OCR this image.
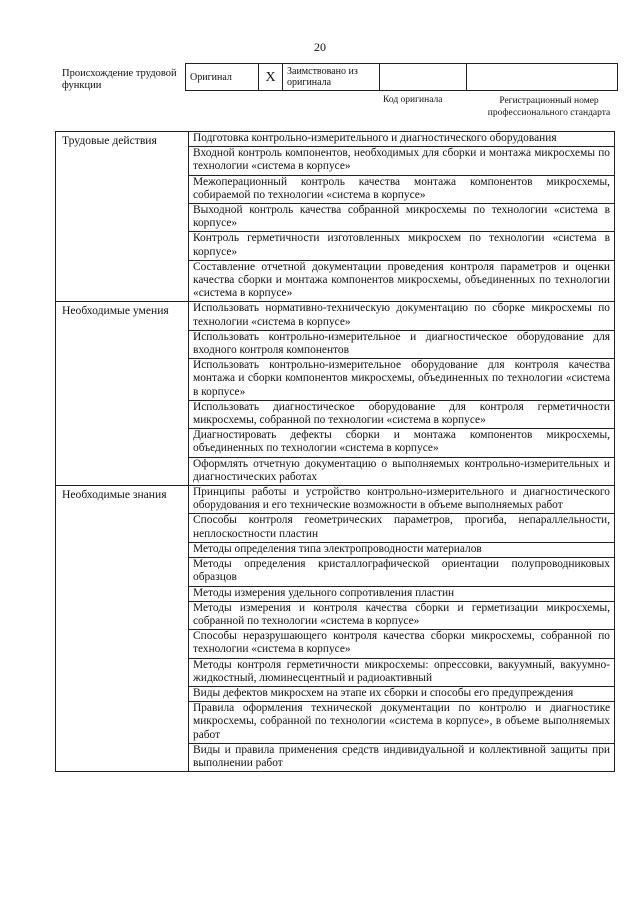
20
Происхождение трудовой функции
Оригинал	X	Заимствовано из оригинала		
Код оригинала	Регистрационный номер профессионального стандарта
Трудовые действия	Подготовка контрольно-измерительного и диагностического оборудования
	Входной контроль компонентов, необходимых для сборки и монтажа микросхемы по технологии «система в корпусе»
	Межоперационный контроль качества монтажа компонентов микросхемы, собираемой по технологии «система в корпусе»
	Выходной контроль качества собранной микросхемы по технологии «система в корпусе»
	Контроль герметичности изготовленных микросхем по технологии «система в корпусе»
	Составление отчетной документации проведения контроля параметров и оценки качества сборки и монтажа компонентов микросхемы, объединенных по технологии «система в корпусе»
Необходимые умения	Использовать нормативно-техническую документацию по сборке микросхемы по технологии «система в корпусе»
	Использовать контрольно-измерительное и диагностическое оборудование для входного контроля компонентов
	Использовать контрольно-измерительное оборудование для контроля качества монтажа и сборки компонентов микросхемы, объединенных по технологии «система в корпусе»
	Использовать диагностическое оборудование для контроля герметичности микросхемы, собранной по технологии «система в корпусе»
	Диагностировать дефекты сборки и монтажа компонентов микросхемы, объединенных по технологии «система в корпусе»
	Оформлять отчетную документацию о выполняемых контрольно-измерительных и диагностических работах
Необходимые знания	Принципы работы и устройство контрольно-измерительного и диагностического оборудования и его технические возможности в объеме выполняемых работ
	Способы контроля геометрических параметров, прогиба, непараллельности, неплоскостности пластин
	Методы определения типа электропроводности материалов
	Методы определения кристаллографической ориентации полупроводниковых образцов
	Методы измерения удельного сопротивления пластин
	Методы измерения и контроля качества сборки и герметизации микросхемы, собранной по технологии «система в корпусе»
	Способы неразрушающего контроля качества сборки микросхемы, собранной по технологии «система в корпусе»
	Методы контроля герметичности микросхемы: опрессовки, вакуумный, вакуумно-жидкостный, люминесцентный и радиоактивный
	Виды дефектов микросхем на этапе их сборки и способы его предупреждения
	Правила оформления технической документации по контролю и диагностике микросхемы, собранной по технологии «система в корпусе», в объеме выполняемых работ
	Виды и правила применения средств индивидуальной и коллективной защиты при выполнении работ
